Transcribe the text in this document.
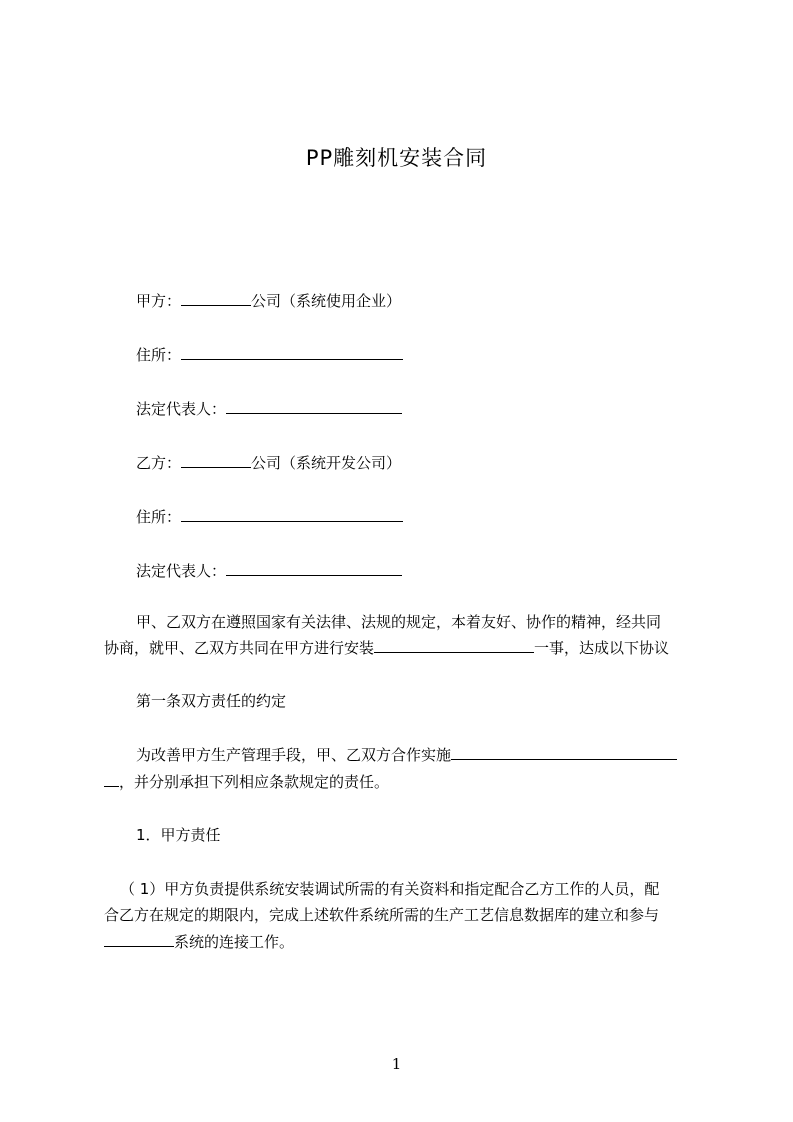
PP雕刻机安装合同
甲方：	公司（系统使用企业）
住所：
法定代表人：
乙方：	公司（系统开发公司）
住所：
法定代表人：
甲、乙双方在遵照国家有关法律、法规的规定，本着友好、协作的精神，经共同
协商，就甲、乙双方共同在甲方进行安装	一事，达成以下协议
第一条双方责任的约定
为改善甲方生产管理手段，甲、乙双方合作实施
，并分别承担下列相应条款规定的责任。
1．甲方责任
（ 1）甲方负责提供系统安装调试所需的有关资料和指定配合乙方工作的人员，配
合乙方在规定的期限内，完成上述软件系统所需的生产工艺信息数据库的建立和参与
系统的连接工作。
1
